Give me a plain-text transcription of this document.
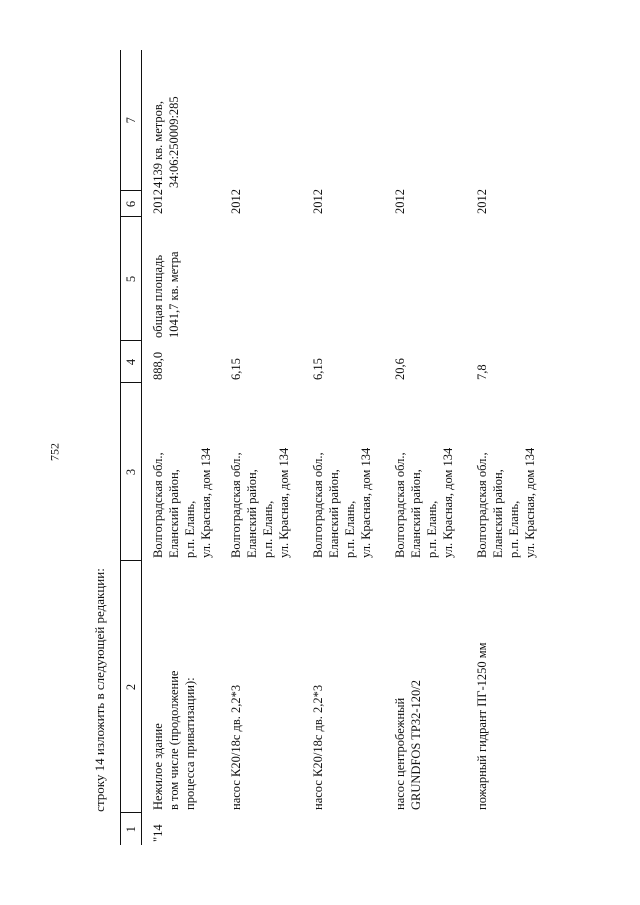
752
строку 14 изложить в следующей редакции:
1	2	3	4	5	6	7
"14	Нежилое здание
в том числе (продолжение
процесса приватизации):	Волгоградская обл.,
Еланский район,
р.п. Елань,
ул. Красная, дом 134	888,0	общая площадь
1041,7 кв. метра	2012	4139 кв. метров,
34:06:250009:285
	насос К20/18с дв. 2,2*3	Волгоградская обл.,
Еланский район,
р.п. Елань,
ул. Красная, дом 134	6,15		2012	
	насос К20/18с дв. 2,2*3	Волгоградская обл.,
Еланский район,
р.п. Елань,
ул. Красная, дом 134	6,15		2012	
	насос центробежный
GRUNDFOS TP32-120/2	Волгоградская обл.,
Еланский район,
р.п. Елань,
ул. Красная, дом 134	20,6		2012	
	пожарный гидрант ПГ-1250 мм	Волгоградская обл.,
Еланский район,
р.п. Елань,
ул. Красная, дом 134	7,8		2012	
